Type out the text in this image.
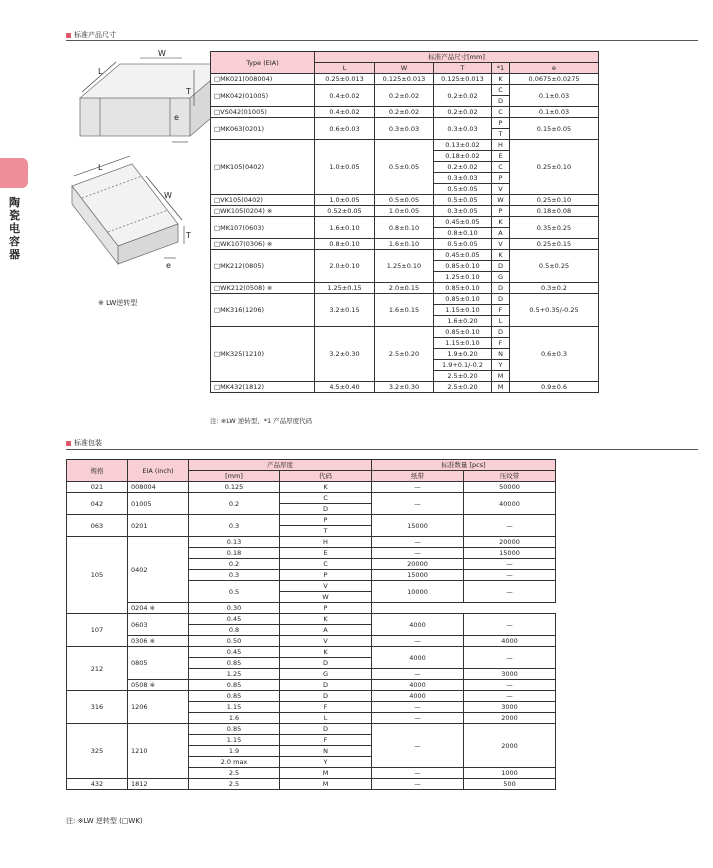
标准产品尺寸
陶瓷电容器
L
W
T
e
L
W
T
e
※ LW逆转型
Type (EIA)	标准产品尺寸[mm]				
	L	W	T	*1	e
□MK021(008004)	0.25±0.013	0.125±0.013	0.125±0.013	K	0.0675±0.0275
□MK042(01005)	0.4±0.02	0.2±0.02	0.2±0.02	C	0.1±0.03
				D	
□VS042(01005)	0.4±0.02	0.2±0.02	0.2±0.02	C	0.1±0.03
□MK063(0201)	0.6±0.03	0.3±0.03	0.3±0.03	P	0.15±0.05
				T	
□MK105(0402)	1.0±0.05	0.5±0.05	0.13±0.02	H	0.25±0.10
			0.18±0.02	E	
			0.2±0.02	C	
			0.3±0.03	P	
			0.5±0.05	V	
□VK105(0402)	1.0±0.05	0.5±0.05	0.5±0.05	W	0.25±0.10
□WK105(0204) ※	0.52±0.05	1.0±0.05	0.3±0.05	P	0.18±0.08
□MK107(0603)	1.6±0.10	0.8±0.10	0.45±0.05	K	0.35±0.25
			0.8±0.10	A	
□WK107(0306) ※	0.8±0.10	1.6±0.10	0.5±0.05	V	0.25±0.15
□MK212(0805)	2.0±0.10	1.25±0.10	0.45±0.05	K	0.5±0.25
			0.85±0.10	D	
			1.25±0.10	G	
□WK212(0508) ※	1.25±0.15	2.0±0.15	0.85±0.10	D	0.3±0.2
□MK316(1206)	3.2±0.15	1.6±0.15	0.85±0.10	D	0.5+0.35/-0.25
			1.15±0.10	F	
			1.6±0.20	L	
□MK325(1210)	3.2±0.30	2.5±0.20	0.85±0.10	D	0.6±0.3
			1.15±0.10	F	
			1.9±0.20	N	
			1.9+0.1/-0.2	Y	
			2.5±0.20	M	
□MK432(1812)	4.5±0.40	3.2±0.30	2.5±0.20	M	0.9±0.6
注: ※LW 逆转型、*1 产品厚度代码
标准包装
规格	EIA (inch)	产品厚度		标准数量 [pcs]	
		[mm]	代码	纸带	压纹带
021	008004	0.125	K	—	50000
042	01005	0.2	C	—	40000
			D		
063	0201	0.3	P	15000	—
			T		
105	0402	0.13	H	—	20000
		0.18	E	—	15000
		0.2	C	20000	—
		0.3	P	15000	—
		0.5	V	10000	—
			W		
	0204 ※	0.30	P		
107	0603	0.45	K	4000	—
		0.8	A		
	0306 ※	0.50	V	—	4000
212	0805	0.45	K	4000	—
		0.85	D		
		1.25	G	—	3000
	0508 ※	0.85	D	4000	—
316	1206	0.85	D	4000	—
		1.15	F	—	3000
		1.6	L	—	2000
325	1210	0.85	D	—	2000
		1.15	F		
		1.9	N		
		2.0 max	Y		
		2.5	M	—	1000
432	1812	2.5	M	—	500
注: ※LW 逆转型 (□WK)
